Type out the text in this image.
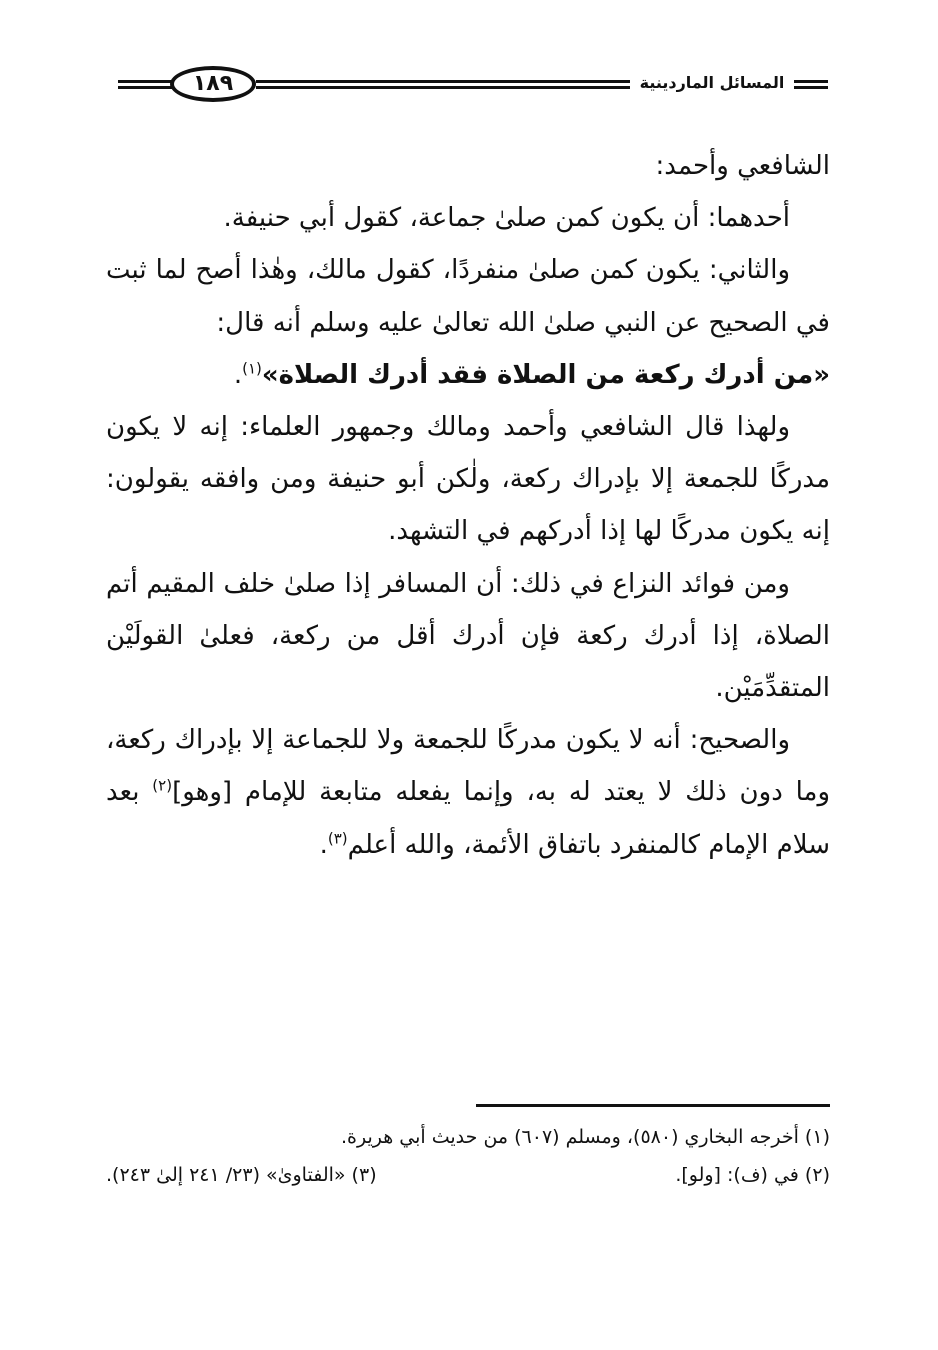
١٨٩	المسائل الماردينية

الشافعي وأحمد:

أحدهما: أن يكون كمن صلىٰ جماعة، كقول أبي حنيفة.

والثاني: يكون كمن صلىٰ منفردًا، كقول مالك، وهٰذا أصح لما ثبت في الصحيح عن النبي صلىٰ الله تعالىٰ عليه وسلم أنه قال:
«من أدرك ركعة من الصلاة فقد أدرك الصلاة»$^{(١)}$.

ولهذا قال الشافعي وأحمد ومالك وجمهور العلماء: إنه لا يكون مدركًا للجمعة إلا بإدراك ركعة، ولٰكن أبو حنيفة ومن وافقه يقولون: إنه يكون مدركًا لها إذا أدركهم في التشهد.

ومن فوائد النزاع في ذلك: أن المسافر إذا صلىٰ خلف المقيم أتم الصلاة، إذا أدرك ركعة فإن أدرك أقل من ركعة، فعلىٰ القولَيْن المتقدِّمَيْن.

والصحيح: أنه لا يكون مدركًا للجمعة ولا للجماعة إلا بإدراك ركعة، وما دون ذلك لا يعتد له به، وإنما يفعله متابعة للإمام [وهو]$^{(٢)}$ بعد سلام الإمام كالمنفرد باتفاق الأئمة، والله أعلم$^{(٣)}$.

(١) أخرجه البخاري (٥٨٠)، ومسلم (٦٠٧) من حديث أبي هريرة.

(٢) في (ف): [ولو].
(٣) «الفتاوىٰ» (٢٣/ ٢٤١ إلىٰ ٢٤٣).
